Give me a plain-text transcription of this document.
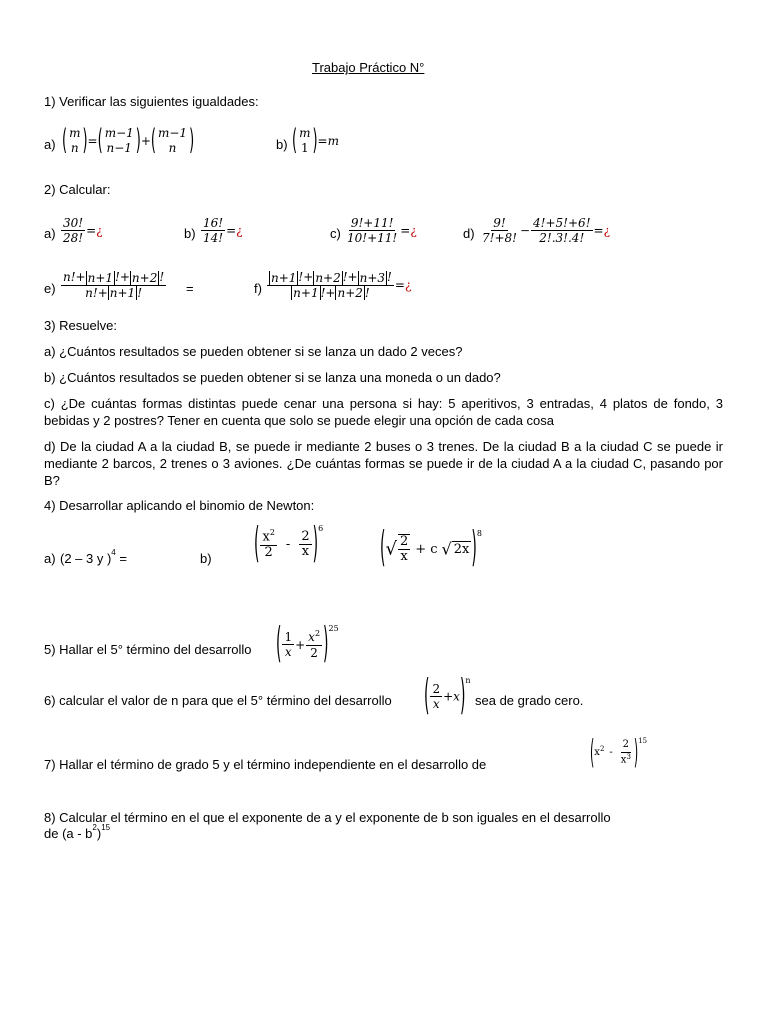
Trabajo Práctico N°
1) Verificar las siguientes igualdades:
a) ( m
n )=( m−1
n−1 )+( m−1
n )	b) ( m
1 )=m
2) Calcular:
$a) \frac{30!}{28!}$ =¿	$b) \frac{16!}{14!}$ =¿	$c) \frac{9!+11!}{10!+11!}$ =¿	$d) \frac{9!}{7!+8!} - \frac{4!+5!+6!}{2!.3!.4!}$ =¿
$e) \frac{n!+ n+1 !+ n+2 !}{n!+ n+1 !}$ =	$f) \frac{n+1 !+ n+2 !+ n+3 !}{n+1 !+ n+2 !}$ =¿
3) Resuelve:
a) ¿Cuántos resultados se pueden obtener si se lanza un dado 2 veces?
b) ¿Cuántos resultados se pueden obtener si se lanza una moneda o un dado?
c) ¿De cuántas formas distintas puede cenar una persona si hay: 5 aperitivos, 3 entradas, 4 platos de fondo, 3 bebidas y 2 postres? Tener en cuenta que solo se puede elegir una opción de cada cosa
d) De la ciudad A a la ciudad B, se puede ir mediante 2 buses o 3 trenes. De la ciudad B a la ciudad C se puede ir mediante 2 barcos, 2 trenes o 3 aviones. ¿De cuántas formas se puede ir de la ciudad A a la ciudad C, pasando por B?
4) Desarrollar aplicando el binomio de Newton:
a) (2 – 3 y )$^4$ =	b)	( $\frac{x^2}{2} - \frac{2}{x} )^6$	(√ $\frac{2}{x} + c$ √ 2x )$^8$
5) Hallar el 5° término del desarrollo ( $\frac{1}{x} + \frac{x^2}{2} )^{25}$
6) calcular el valor de n para que el 5° término del desarrollo ( $\frac{2}{x} +x)^n$
sea de grado cero.
7) Hallar el término de grado 5 y el término independiente en el desarrollo de	$(x^2 - \frac{2}{x^3} )^{15}$
8) Calcular el término en el que el exponente de a y el exponente de b son iguales en el desarrollo
de $(a - b^2)^{15}$
